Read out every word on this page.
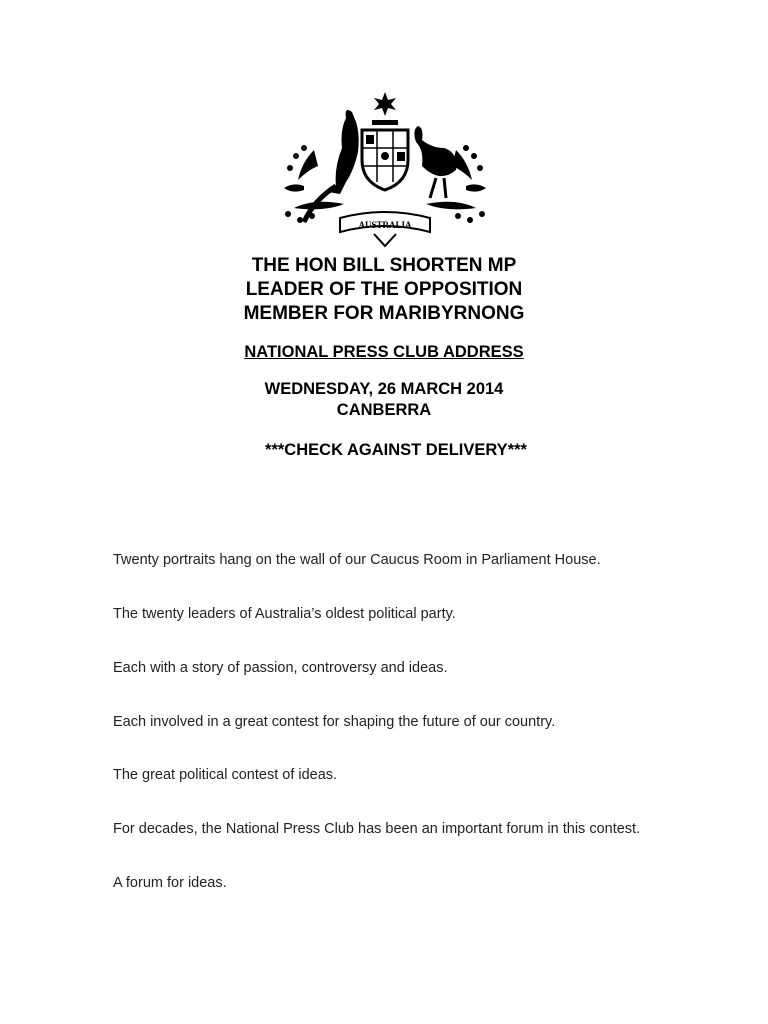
AUSTRALIA
THE HON BILL SHORTEN MP
LEADER OF THE OPPOSITION
MEMBER FOR MARIBYRNONG
NATIONAL PRESS CLUB ADDRESS
WEDNESDAY, 26 MARCH 2014
CANBERRA
***CHECK AGAINST DELIVERY***
Twenty portraits hang on the wall of our Caucus Room in Parliament House.
The twenty leaders of Australia’s oldest political party.
Each with a story of passion, controversy and ideas.
Each involved in a great contest for shaping the future of our country.
The great political contest of ideas.
For decades, the National Press Club has been an important forum in this contest.
A forum for ideas.
